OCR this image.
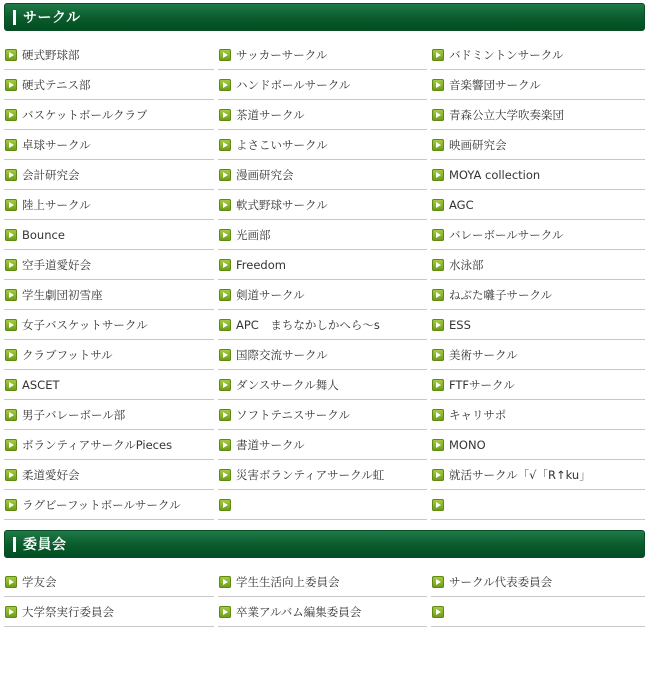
サークル
硬式野球部	サッカーサークル	バドミントンサークル
硬式テニス部	ハンドボールサークル	音楽響団サークル
バスケットボールクラブ	茶道サークル	青森公立大学吹奏楽団
卓球サークル	よさこいサークル	映画研究会
会計研究会	漫画研究会	MOYA collection
陸上サークル	軟式野球サークル	AGC
Bounce	光画部	バレーボールサークル
空手道愛好会	Freedom	水泳部
学生劇団初雪座	剣道サークル	ねぶた囃子サークル
女子バスケットサークル	APC　まちなかしかへら〜s	ESS
クラブフットサル	国際交流サークル	美術サークル
ASCET	ダンスサークル舞人	FTFサークル
男子バレーボール部	ソフトテニスサークル	キャリサポ
ボランティアサークルPieces	書道サークル	MONO
柔道愛好会	災害ボランティアサークル虹	就活サークル「√「R↑ku」
ラグビーフットボールサークル
委員会
学友会	学生生活向上委員会	サークル代表委員会
大学祭実行委員会	卒業アルバム編集委員会
